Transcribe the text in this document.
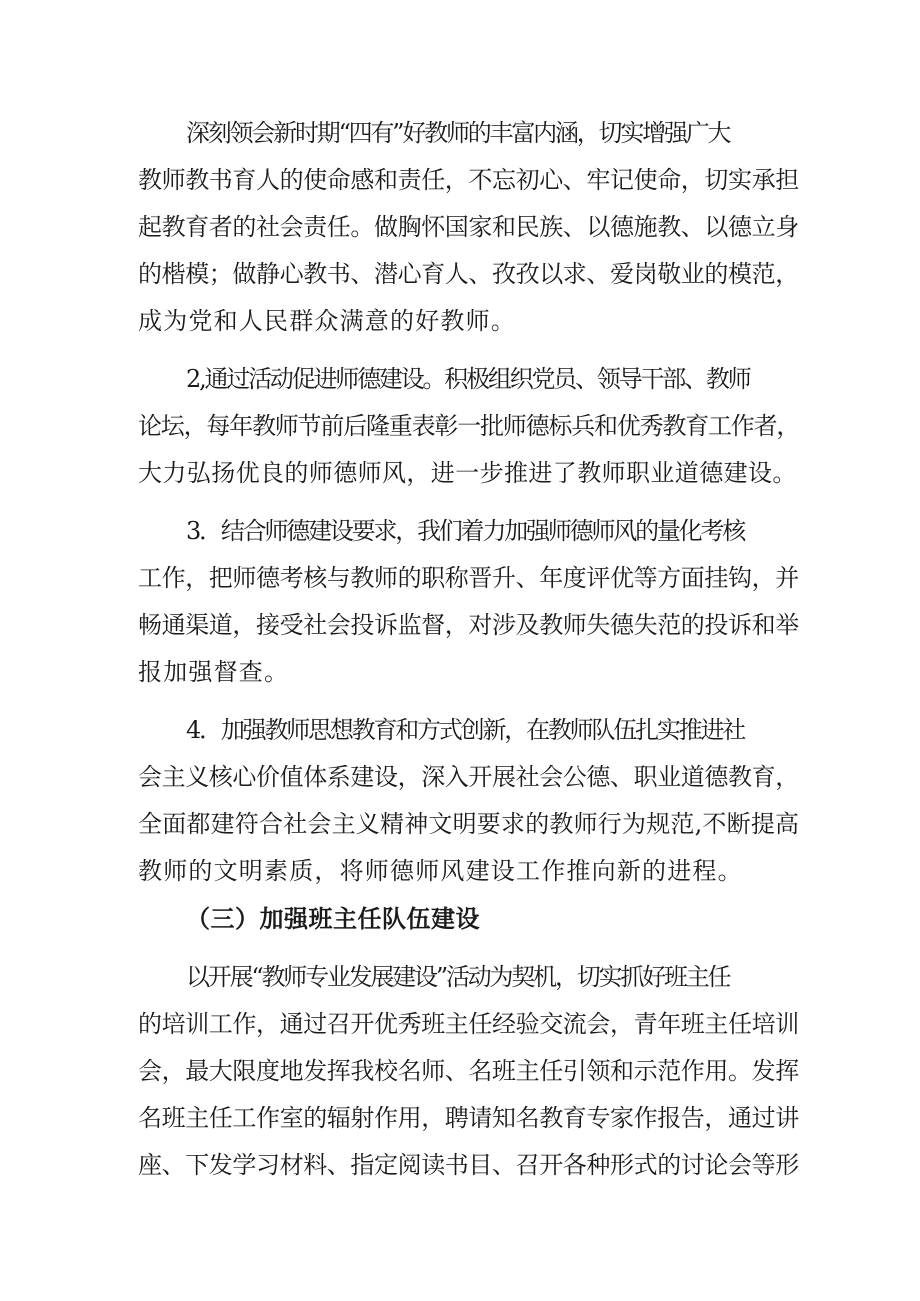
深刻领会新时期“四有”好教师的丰富内涵，切实增强广大
教师教书育人的使命感和责任，不忘初心、牢记使命，切实承担
起教育者的社会责任。做胸怀国家和民族、以德施教、以德立身
的楷模；做静心教书、潜心育人、孜孜以求、爱岗敬业的模范，
成为党和人民群众满意的好教师。
2,通过活动促进师德建设。积极组织党员、领导干部、教师
论坛，每年教师节前后隆重表彰一批师德标兵和优秀教育工作者，
大力弘扬优良的师德师风，进一步推进了教师职业道德建设。
3．结合师德建设要求，我们着力加强师德师风的量化考核
工作，把师德考核与教师的职称晋升、年度评优等方面挂钩，并
畅通渠道，接受社会投诉监督，对涉及教师失德失范的投诉和举
报加强督查。
4．加强教师思想教育和方式创新，在教师队伍扎实推进社
会主义核心价值体系建设，深入开展社会公德、职业道德教育，
全面都建符合社会主义精神文明要求的教师行为规范,不断提高
教师的文明素质，将师德师风建设工作推向新的进程。
（三）加强班主任队伍建设
以开展“教师专业发展建设”活动为契机，切实抓好班主任
的培训工作，通过召开优秀班主任经验交流会，青年班主任培训
会，最大限度地发挥我校名师、名班主任引领和示范作用。发挥
名班主任工作室的辐射作用，聘请知名教育专家作报告，通过讲
座、下发学习材料、指定阅读书目、召开各种形式的讨论会等形
